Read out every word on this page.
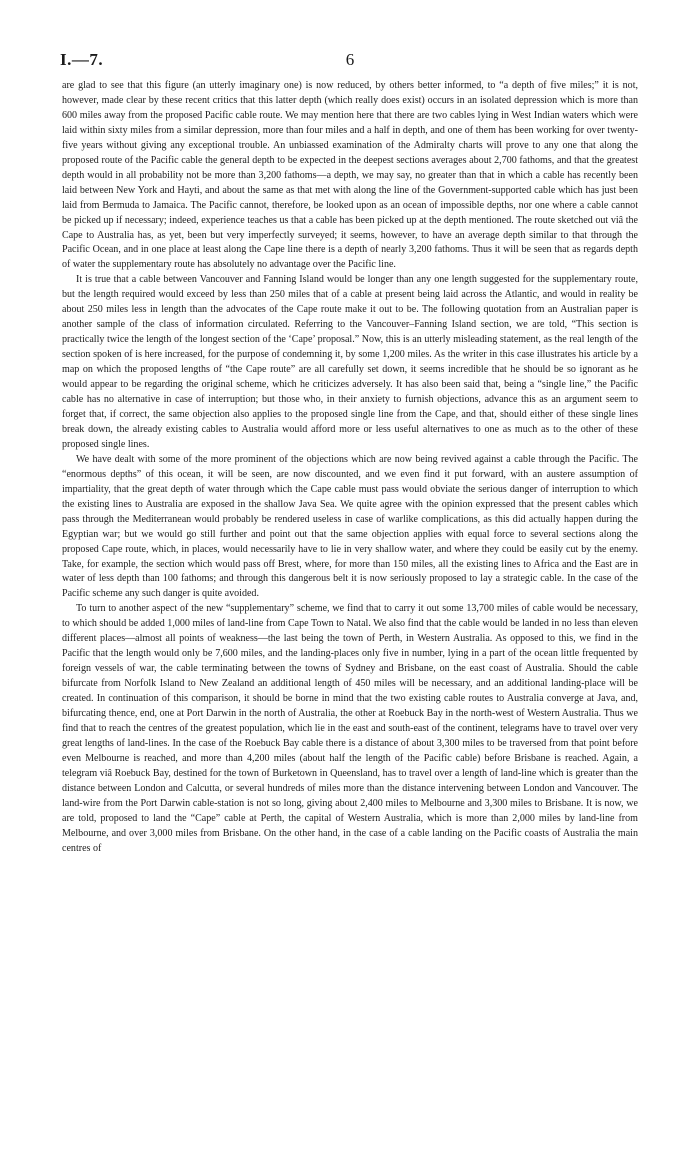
I.—7.	6

are glad to see that this figure (an utterly imaginary one) is now reduced, by others better informed, to “a depth of five miles;” it is not, however, made clear by these recent critics that this latter depth (which really does exist) occurs in an isolated depression which is more than 600 miles away from the proposed Pacific cable route. We may mention here that there are two cables lying in West Indian waters which were laid within sixty miles from a similar depression, more than four miles and a half in depth, and one of them has been working for over twenty-five years without giving any exceptional trouble. An unbiassed examination of the Admiralty charts will prove to any one that along the proposed route of the Pacific cable the general depth to be expected in the deepest sections averages about 2,700 fathoms, and that the greatest depth would in all probability not be more than 3,200 fathoms—a depth, we may say, no greater than that in which a cable has recently been laid between New York and Hayti, and about the same as that met with along the line of the Government-supported cable which has just been laid from Bermuda to Jamaica. The Pacific cannot, therefore, be looked upon as an ocean of impossible depths, nor one where a cable cannot be picked up if necessary; indeed, experience teaches us that a cable has been picked up at the depth mentioned. The route sketched out viâ the Cape to Australia has, as yet, been but very imperfectly surveyed; it seems, however, to have an average depth similar to that through the Pacific Ocean, and in one place at least along the Cape line there is a depth of nearly 3,200 fathoms. Thus it will be seen that as regards depth of water the supplementary route has absolutely no advantage over the Pacific line.

It is true that a cable between Vancouver and Fanning Island would be longer than any one length suggested for the supplementary route, but the length required would exceed by less than 250 miles that of a cable at present being laid across the Atlantic, and would in reality be about 250 miles less in length than the advocates of the Cape route make it out to be. The following quotation from an Australian paper is another sample of the class of information circulated. Referring to the Vancouver–Fanning Island section, we are told, “This section is practically twice the length of the longest section of the ‘Cape’ proposal.” Now, this is an utterly misleading statement, as the real length of the section spoken of is here increased, for the purpose of condemning it, by some 1,200 miles. As the writer in this case illustrates his article by a map on which the proposed lengths of “the Cape route” are all carefully set down, it seems incredible that he should be so ignorant as he would appear to be regarding the original scheme, which he criticizes adversely. It has also been said that, being a “single line,” the Pacific cable has no alternative in case of interruption; but those who, in their anxiety to furnish objections, advance this as an argument seem to forget that, if correct, the same objection also applies to the proposed single line from the Cape, and that, should either of these single lines break down, the already existing cables to Australia would afford more or less useful alternatives to one as much as to the other of these proposed single lines.

We have dealt with some of the more prominent of the objections which are now being revived against a cable through the Pacific. The “enormous depths” of this ocean, it will be seen, are now discounted, and we even find it put forward, with an austere assumption of impartiality, that the great depth of water through which the Cape cable must pass would obviate the serious danger of interruption to which the existing lines to Australia are exposed in the shallow Java Sea. We quite agree with the opinion expressed that the present cables which pass through the Mediterranean would probably be rendered useless in case of warlike complications, as this did actually happen during the Egyptian war; but we would go still further and point out that the same objection applies with equal force to several sections along the proposed Cape route, which, in places, would necessarily have to lie in very shallow water, and where they could be easily cut by the enemy. Take, for example, the section which would pass off Brest, where, for more than 150 miles, all the existing lines to Africa and the East are in water of less depth than 100 fathoms; and through this dangerous belt it is now seriously proposed to lay a strategic cable. In the case of the Pacific scheme any such danger is quite avoided.

To turn to another aspect of the new “supplementary” scheme, we find that to carry it out some 13,700 miles of cable would be necessary, to which should be added 1,000 miles of land-line from Cape Town to Natal. We also find that the cable would be landed in no less than eleven different places—almost all points of weakness—the last being the town of Perth, in Western Australia. As opposed to this, we find in the Pacific that the length would only be 7,600 miles, and the landing-places only five in number, lying in a part of the ocean little frequented by foreign vessels of war, the cable terminating between the towns of Sydney and Brisbane, on the east coast of Australia. Should the cable bifurcate from Norfolk Island to New Zealand an additional length of 450 miles will be necessary, and an additional landing-place will be created. In continuation of this comparison, it should be borne in mind that the two existing cable routes to Australia converge at Java, and, bifurcating thence, end, one at Port Darwin in the north of Australia, the other at Roebuck Bay in the north-west of Western Australia. Thus we find that to reach the centres of the greatest population, which lie in the east and south-east of the continent, telegrams have to travel over very great lengths of land-lines. In the case of the Roebuck Bay cable there is a distance of about 3,300 miles to be traversed from that point before even Melbourne is reached, and more than 4,200 miles (about half the length of the Pacific cable) before Brisbane is reached. Again, a telegram viâ Roebuck Bay, destined for the town of Burketown in Queensland, has to travel over a length of land-line which is greater than the distance between London and Calcutta, or several hundreds of miles more than the distance intervening between London and Vancouver. The land-wire from the Port Darwin cable-station is not so long, giving about 2,400 miles to Melbourne and 3,300 miles to Brisbane. It is now, we are told, proposed to land the “Cape” cable at Perth, the capital of Western Australia, which is more than 2,000 miles by land-line from Melbourne, and over 3,000 miles from Brisbane. On the other hand, in the case of a cable landing on the Pacific coasts of Australia the main centres of
